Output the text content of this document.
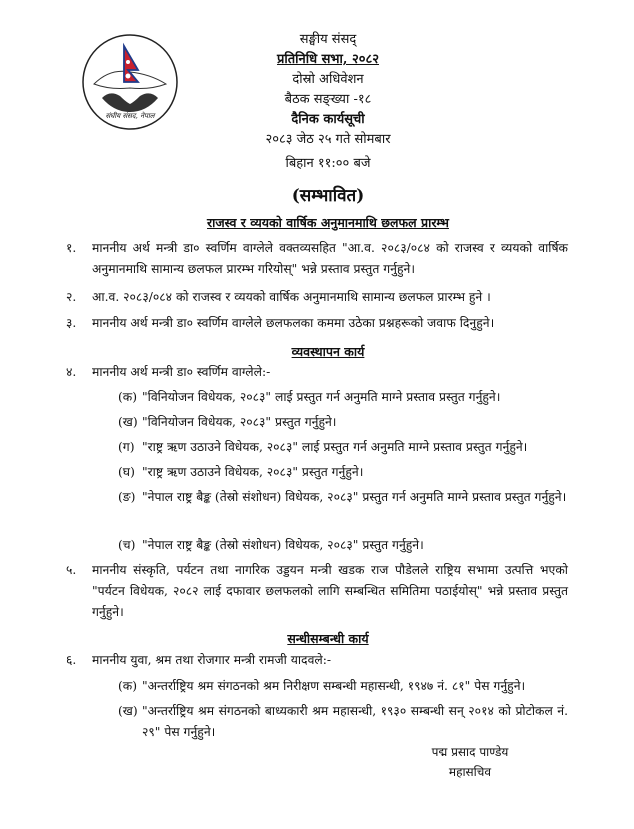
संघीय संसद, नेपाल
सङ्घीय संसद्
प्रतिनिधि सभा, २०८२
दोस्रो अधिवेशन
बैठक सङ्ख्या -१८
दैनिक कार्यसूची
२०८३ जेठ २५ गते सोमबार
बिहान ११:०० बजे
(सम्भावित)
राजस्व र व्ययको वार्षिक अनुमानमाथि छलफल प्रारम्भ
१. माननीय अर्थ मन्त्री डा० स्वर्णिम वाग्लेले वक्तव्यसहित "आ.व. २०८३/०८४ को राजस्व र व्ययको वार्षिक अनुमानमाथि सामान्य छलफल प्रारम्भ गरियोस्" भन्ने प्रस्ताव प्रस्तुत गर्नुहुने।
२. आ.व. २०८३/०८४ को राजस्व र व्ययको वार्षिक अनुमानमाथि सामान्य छलफल प्रारम्भ हुने ।
३. माननीय अर्थ मन्त्री डा० स्वर्णिम वाग्लेले छलफलका कममा उठेका प्रश्नहरूको जवाफ दिनुहुने।
व्यवस्थापन कार्य
४. माननीय अर्थ मन्त्री डा० स्वर्णिम वाग्लेले:-
(क) "विनियोजन विधेयक, २०८३" लाई प्रस्तुत गर्न अनुमति माग्ने प्रस्ताव प्रस्तुत गर्नुहुने।
(ख) "विनियोजन विधेयक, २०८३" प्रस्तुत गर्नुहुने।
(ग) "राष्ट्र ऋण उठाउने विधेयक, २०८३" लाई प्रस्तुत गर्न अनुमति माग्ने प्रस्ताव प्रस्तुत गर्नुहुने।
(घ) "राष्ट्र ऋण उठाउने विधेयक, २०८३" प्रस्तुत गर्नुहुने।
(ङ) "नेपाल राष्ट्र बैङ्क (तेस्रो संशोधन) विधेयक, २०८३" प्रस्तुत गर्न अनुमति माग्ने प्रस्ताव प्रस्तुत गर्नुहुने।
(च) "नेपाल राष्ट्र बैङ्क (तेस्रो संशोधन) विधेयक, २०८३" प्रस्तुत गर्नुहुने।
५. माननीय संस्कृति, पर्यटन तथा नागरिक उड्डयन मन्त्री खडक राज पौडेलले राष्ट्रिय सभामा उत्पत्ति भएको "पर्यटन विधेयक, २०८२ लाई दफावार छलफलको लागि सम्बन्धित समितिमा पठाईयोस्" भन्ने प्रस्ताव प्रस्तुत गर्नुहुने।
सन्धीसम्बन्धी कार्य
६. माननीय युवा, श्रम तथा रोजगार मन्त्री रामजी यादवले:-
(क) "अन्तर्राष्ट्रिय श्रम संगठनको श्रम निरीक्षण सम्बन्धी महासन्धी, १९४७ नं. ८१" पेस गर्नुहुने।
(ख) "अन्तर्राष्ट्रिय श्रम संगठनको बाध्यकारी श्रम महासन्धी, १९३० सम्बन्धी सन् २०१४ को प्रोटोकल नं. २९" पेस गर्नुहुने।
पद्म प्रसाद पाण्डेय
महासचिव
